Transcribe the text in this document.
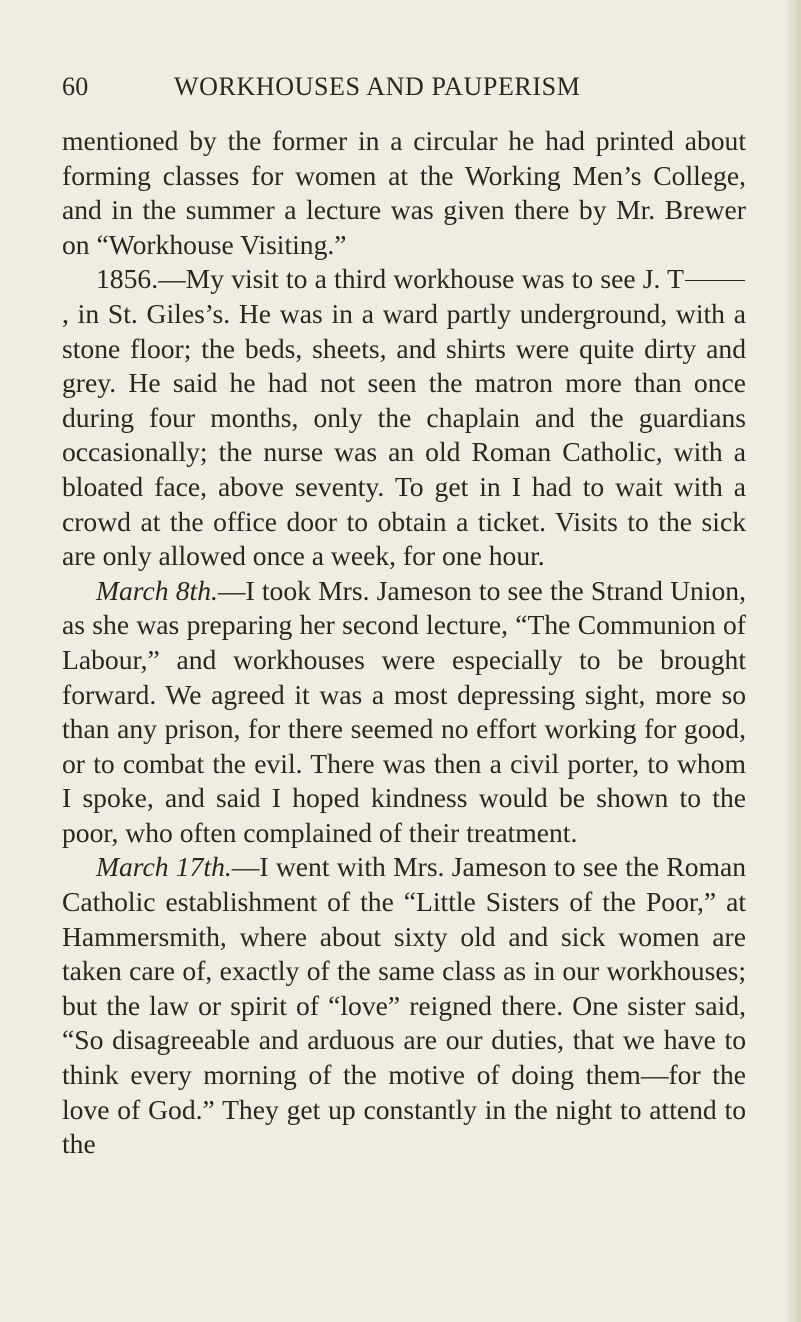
60	WORKHOUSES AND PAUPERISM

mentioned by the former in a circular he had printed about forming classes for women at the Working Men’s College, and in the summer a lecture was given there by Mr. Brewer on “Workhouse Visiting.”

1856.—My visit to a third workhouse was to see J. T, in St. Giles’s. He was in a ward partly underground, with a stone floor; the beds, sheets, and shirts were quite dirty and grey. He said he had not seen the matron more than once during four months, only the chaplain and the guardians occasionally; the nurse was an old Roman Catholic, with a bloated face, above seventy. To get in I had to wait with a crowd at the office door to obtain a ticket. Visits to the sick are only allowed once a week, for one hour.

March 8th.—I took Mrs. Jameson to see the Strand Union, as she was preparing her second lecture, “The Communion of Labour,” and workhouses were especially to be brought forward. We agreed it was a most depressing sight, more so than any prison, for there seemed no effort working for good, or to combat the evil. There was then a civil porter, to whom I spoke, and said I hoped kindness would be shown to the poor, who often complained of their treatment.

March 17th.—I went with Mrs. Jameson to see the Roman Catholic establishment of the “Little Sisters of the Poor,” at Hammersmith, where about sixty old and sick women are taken care of, exactly of the same class as in our workhouses; but the law or spirit of “love” reigned there. One sister said, “So disagreeable and arduous are our duties, that we have to think every morning of the motive of doing them—for the love of God.” They get up constantly in the night to attend to the
